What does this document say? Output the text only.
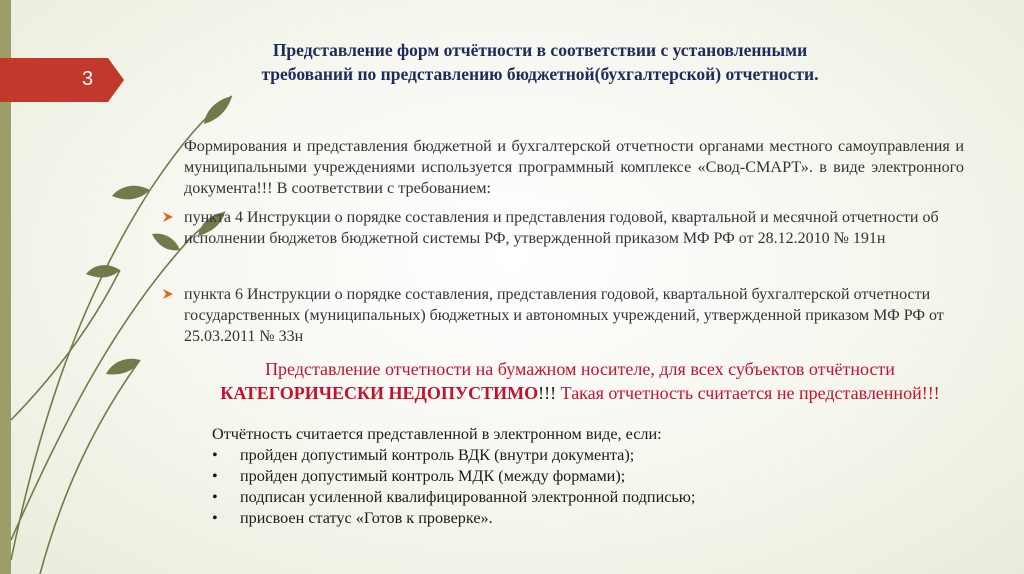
3
Представление форм отчётности в соответствии с установленными
требований по представлению бюджетной(бухгалтерской) отчетности.
Формирования и представления бюджетной и бухгалтерской отчетности органами местного самоуправления и муниципальными учреждениями используется программный комплексе «Свод-СМАРТ». в виде электронного документа!!! В соответствии с требованием:
пункта 4 Инструкции о порядке составления и представления годовой, квартальной и месячной отчетности об исполнении бюджетов бюджетной системы РФ, утвержденной приказом МФ РФ от 28.12.2010 № 191н
пункта 6 Инструкции о порядке составления, представления годовой, квартальной бухгалтерской отчетности государственных (муниципальных) бюджетных и автономных учреждений, утвержденной приказом МФ РФ от 25.03.2011 № 33н
Представление отчетности на бумажном носителе, для всех субъектов отчётности
КАТЕГОРИЧЕСКИ НЕДОПУСТИМО!!! Такая отчетность считается не представленной!!!
Отчётность считается представленной в электронном виде, если:
• пройден допустимый контроль ВДК (внутри документа);
• пройден допустимый контроль МДК (между формами);
• подписан усиленной квалифицированной электронной подписью;
• присвоен статус «Готов к проверке».
